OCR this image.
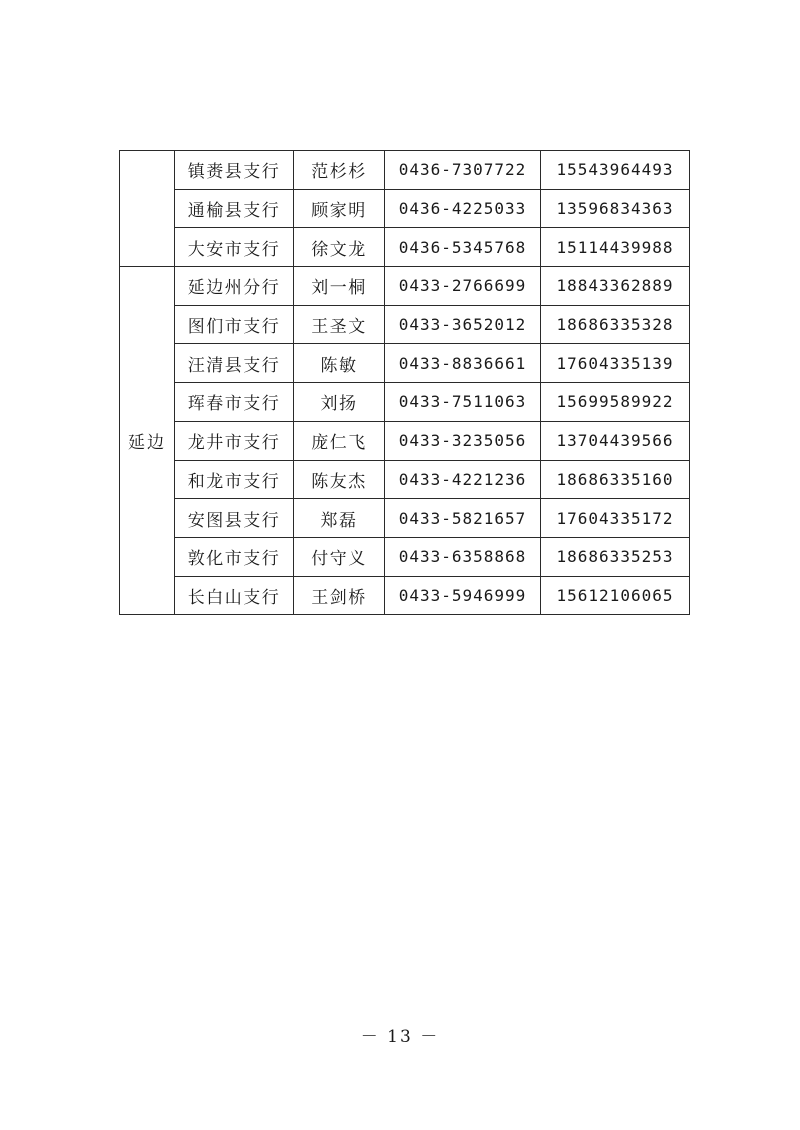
	镇赉县支行	范杉杉	0436-7307722	15543964493
	通榆县支行	顾家明	0436-4225033	13596834363
	大安市支行	徐文龙	0436-5345768	15114439988
延边	延边州分行	刘一桐	0433-2766699	18843362889
	图们市支行	王圣文	0433-3652012	18686335328
	汪清县支行	陈敏	0433-8836661	17604335139
	珲春市支行	刘扬	0433-7511063	15699589922
	龙井市支行	庞仁飞	0433-3235056	13704439566
	和龙市支行	陈友杰	0433-4221236	18686335160
	安图县支行	郑磊	0433-5821657	17604335172
	敦化市支行	付守义	0433-6358868	18686335253
	长白山支行	王剑桥	0433-5946999	15612106065
－ 13 －
